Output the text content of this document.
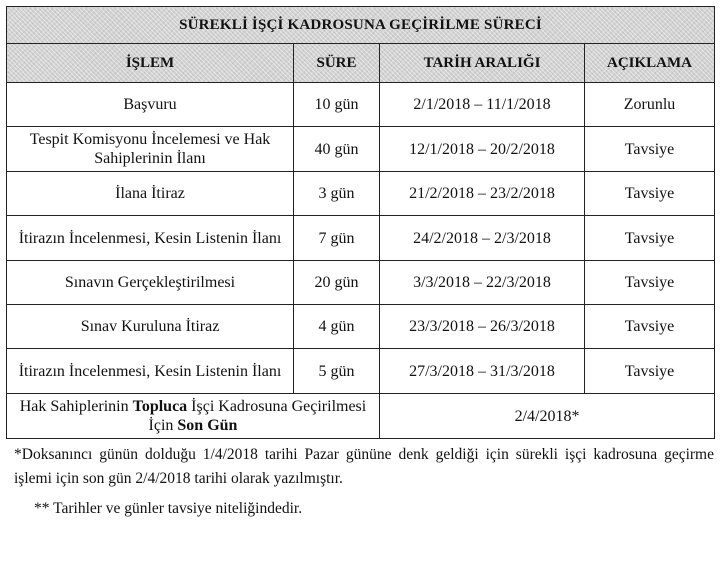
SÜREKLİ İŞÇİ KADROSUNA GEÇİRİLME SÜRECİ			
İŞLEM	SÜRE	TARİH ARALIĞI	AÇIKLAMA
Başvuru	10 gün	2/1/2018 – 11/1/2018	Zorunlu
Tespit Komisyonu İncelemesi ve Hak Sahiplerinin İlanı	40 gün	12/1/2018 – 20/2/2018	Tavsiye
İlana İtiraz	3 gün	21/2/2018 – 23/2/2018	Tavsiye
İtirazın İncelenmesi, Kesin Listenin İlanı	7 gün	24/2/2018 – 2/3/2018	Tavsiye
Sınavın Gerçekleştirilmesi	20 gün	3/3/2018 – 22/3/2018	Tavsiye
Sınav Kuruluna İtiraz	4 gün	23/3/2018 – 26/3/2018	Tavsiye
İtirazın İncelenmesi, Kesin Listenin İlanı	5 gün	27/3/2018 – 31/3/2018	Tavsiye
Hak Sahiplerinin Topluca İşçi Kadrosuna Geçirilmesi İçin Son Gün		2/4/2018*	
*Doksanıncı günün dolduğu 1/4/2018 tarihi Pazar gününe denk geldiği için sürekli işçi kadrosuna geçirme işlemi için son gün 2/4/2018 tarihi olarak yazılmıştır.
** Tarihler ve günler tavsiye niteliğindedir.
